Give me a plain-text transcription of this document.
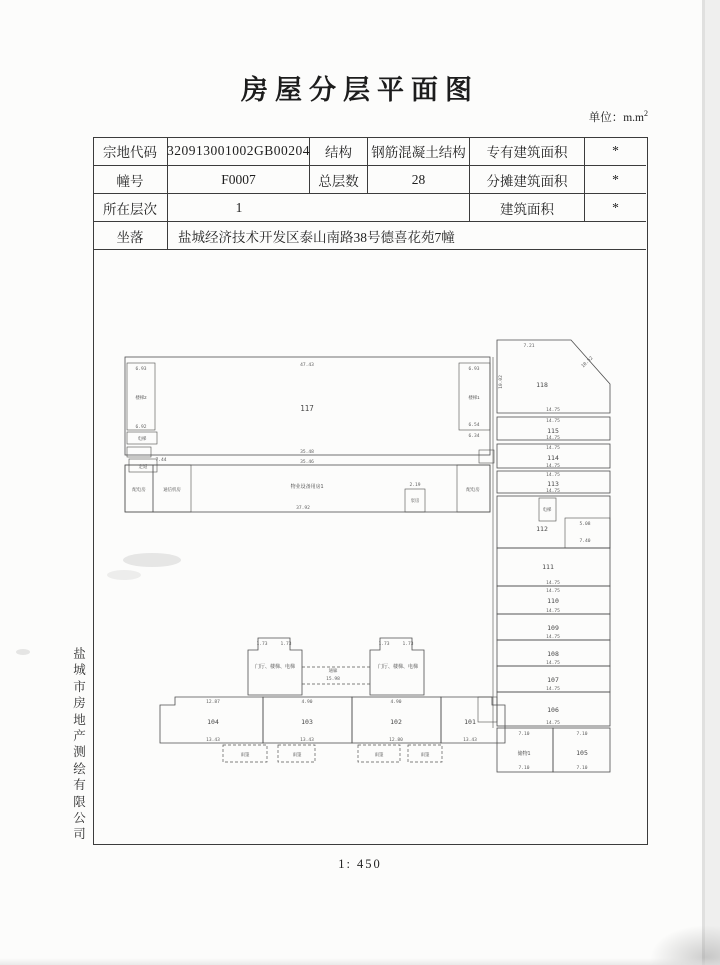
房屋分层平面图
单位：$m.m^2$
宗地代码 320913001002GB00204	结构	钢筋混凝土结构	专有建筑面积	*
幢号	F0007	总层数	28	分摊建筑面积	*
所在层次	1	建筑面积	*
坐落	盐城经济技术开发区泰山南路38号德喜花苑7幢
117
118
115
114
113
112
111
110
109
108
107
106
105
储物1
104	103	102	101
物业设备用房1
楼梯2	楼梯1
电梯
走道
配电房	通信机房	配电房
泵房
电梯
门厅、楼梯、电梯	门厅、楼梯、电梯
通廊
15.98
雨篷	雨篷	雨篷	雨篷
47.43
35.48
35.46
37.92
7.44
6.93
6.92
6.93
6.54
6.34
7.21
10.52
10.02
14.75
14.75
14.75
14.75
14.75
14.75
14.75
14.75
14.75
14.75
14.75
14.75
14.75
14.75
5.08
7.40
2.19
7.10	7.10
7.10	7.10
12.87	4.90	4.90
13.43	13.43	12.80	13.43
1.73	1.73	1.73	1.73
盐城市房地产测绘有限公司
1: 450
